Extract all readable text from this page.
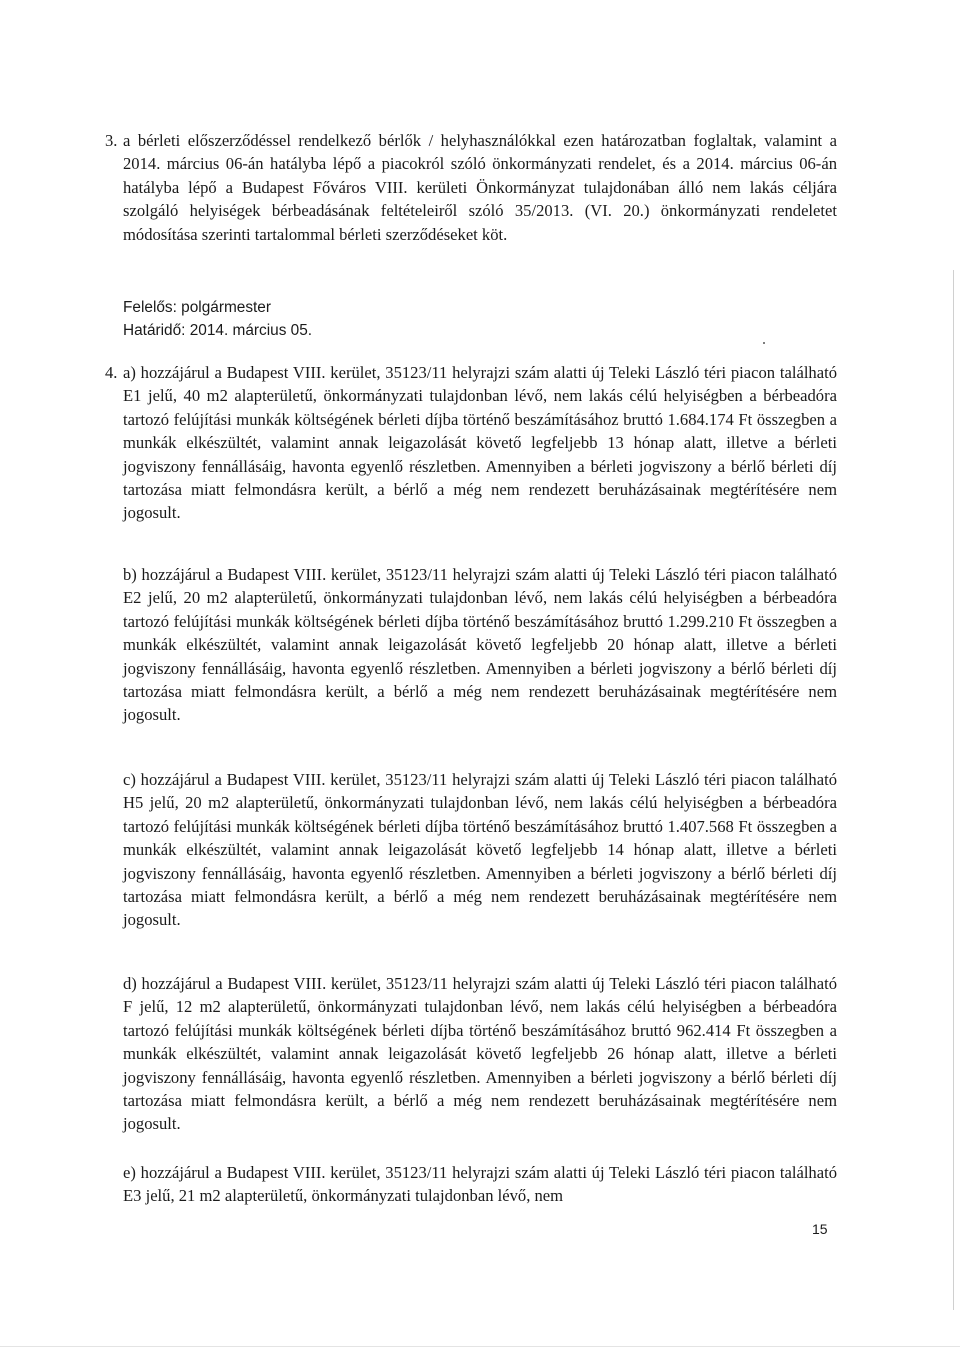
3. a bérleti előszerződéssel rendelkező bérlők / helyhasználókkal ezen határozatban foglaltak, valamint a 2014. március 06-án hatályba lépő a piacokról szóló önkormányzati rendelet, és a 2014. március 06-án hatályba lépő a Budapest Főváros VIII. kerületi Önkormányzat tulajdonában álló nem lakás céljára szolgáló helyiségek bérbeadásának feltételeiről szóló 35/2013. (VI. 20.) önkormányzati rendeletet módosítása szerinti tartalommal bérleti szerződéseket köt.

Felelős: polgármester
Határidő: 2014. március 05.
4. a) hozzájárul a Budapest VIII. kerület, 35123/11 helyrajzi szám alatti új Teleki László téri piacon található E1 jelű, 40 m2 alapterületű, önkormányzati tulajdonban lévő, nem lakás célú helyiségben a bérbeadóra tartozó felújítási munkák költségének bérleti díjba történő beszámításához bruttó 1.684.174 Ft összegben a munkák elkészültét, valamint annak leigazolását követő legfeljebb 13 hónap alatt, illetve a bérleti jogviszony fennállásáig, havonta egyenlő részletben. Amennyiben a bérleti jogviszony a bérlő bérleti díj tartozása miatt felmondásra került, a bérlő a még nem rendezett beruházásainak megtérítésére nem jogosult.

b) hozzájárul a Budapest VIII. kerület, 35123/11 helyrajzi szám alatti új Teleki László téri piacon található E2 jelű, 20 m2 alapterületű, önkormányzati tulajdonban lévő, nem lakás célú helyiségben a bérbeadóra tartozó felújítási munkák költségének bérleti díjba történő beszámításához bruttó 1.299.210 Ft összegben a munkák elkészültét, valamint annak leigazolását követő legfeljebb 20 hónap alatt, illetve a bérleti jogviszony fennállásáig, havonta egyenlő részletben. Amennyiben a bérleti jogviszony a bérlő bérleti díj tartozása miatt felmondásra került, a bérlő a még nem rendezett beruházásainak megtérítésére nem jogosult.

c) hozzájárul a Budapest VIII. kerület, 35123/11 helyrajzi szám alatti új Teleki László téri piacon található H5 jelű, 20 m2 alapterületű, önkormányzati tulajdonban lévő, nem lakás célú helyiségben a bérbeadóra tartozó felújítási munkák költségének bérleti díjba történő beszámításához bruttó 1.407.568 Ft összegben a munkák elkészültét, valamint annak leigazolását követő legfeljebb 14 hónap alatt, illetve a bérleti jogviszony fennállásáig, havonta egyenlő részletben. Amennyiben a bérleti jogviszony a bérlő bérleti díj tartozása miatt felmondásra került, a bérlő a még nem rendezett beruházásainak megtérítésére nem jogosult.

d) hozzájárul a Budapest VIII. kerület, 35123/11 helyrajzi szám alatti új Teleki László téri piacon található F jelű, 12 m2 alapterületű, önkormányzati tulajdonban lévő, nem lakás célú helyiségben a bérbeadóra tartozó felújítási munkák költségének bérleti díjba történő beszámításához bruttó 962.414 Ft összegben a munkák elkészültét, valamint annak leigazolását követő legfeljebb 26 hónap alatt, illetve a bérleti jogviszony fennállásáig, havonta egyenlő részletben. Amennyiben a bérleti jogviszony a bérlő bérleti díj tartozása miatt felmondásra került, a bérlő a még nem rendezett beruházásainak megtérítésére nem jogosult.

e) hozzájárul a Budapest VIII. kerület, 35123/11 helyrajzi szám alatti új Teleki László téri piacon található E3 jelű, 21 m2 alapterületű, önkormányzati tulajdonban lévő, nem

15
